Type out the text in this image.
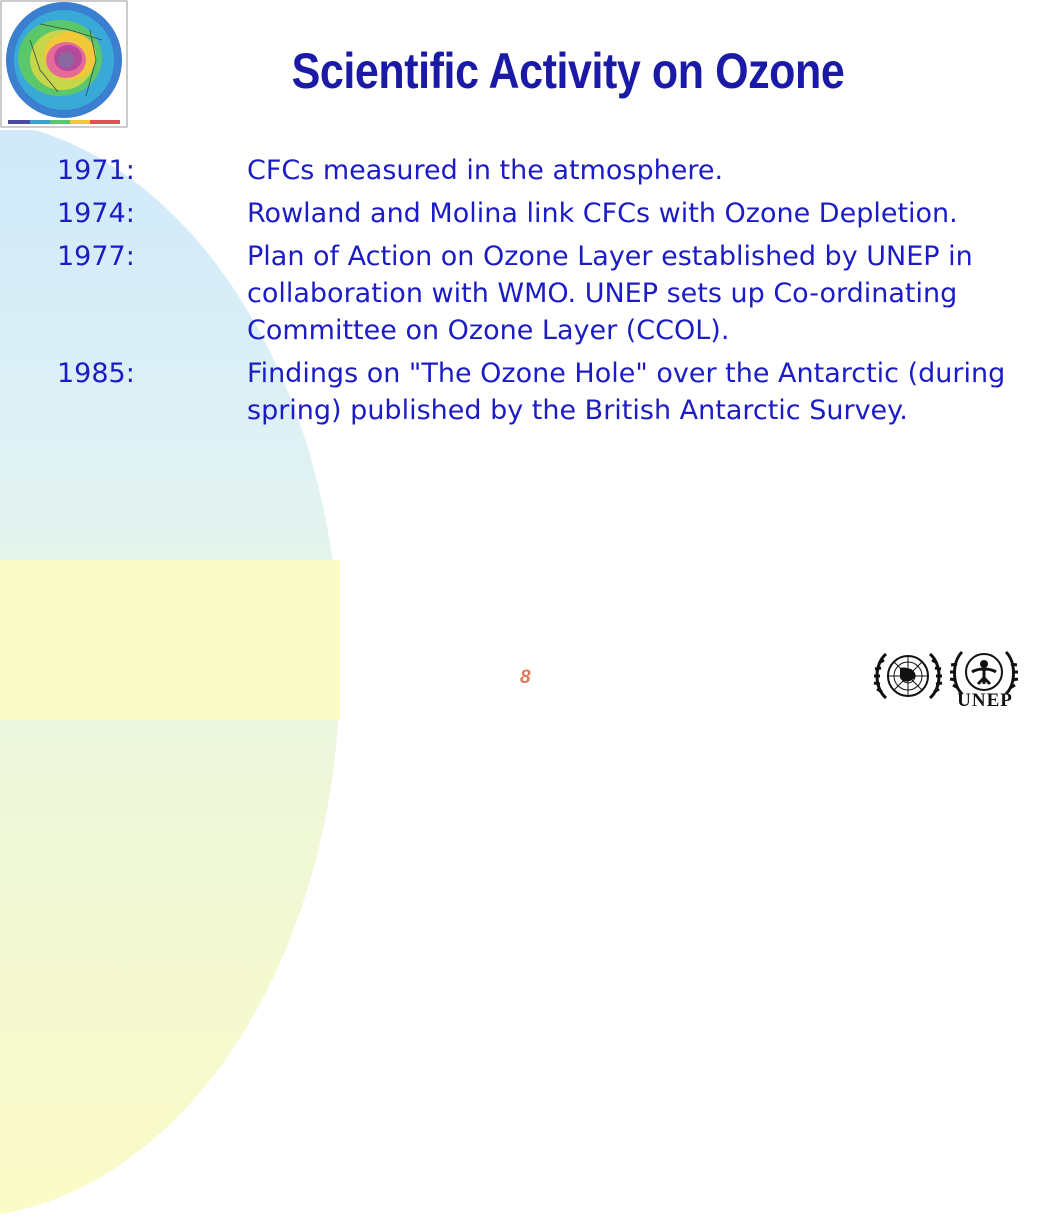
Scientific Activity on Ozone
1971:	CFCs measured in the atmosphere.
1974:	Rowland and Molina link CFCs with Ozone Depletion.
1977:	Plan of Action on Ozone Layer established by UNEP in collaboration with WMO. UNEP sets up Co-ordinating Committee on Ozone Layer (CCOL).
1985:	Findings on "The Ozone Hole" over the Antarctic (during spring) published by the British Antarctic Survey.
8
UNEP
